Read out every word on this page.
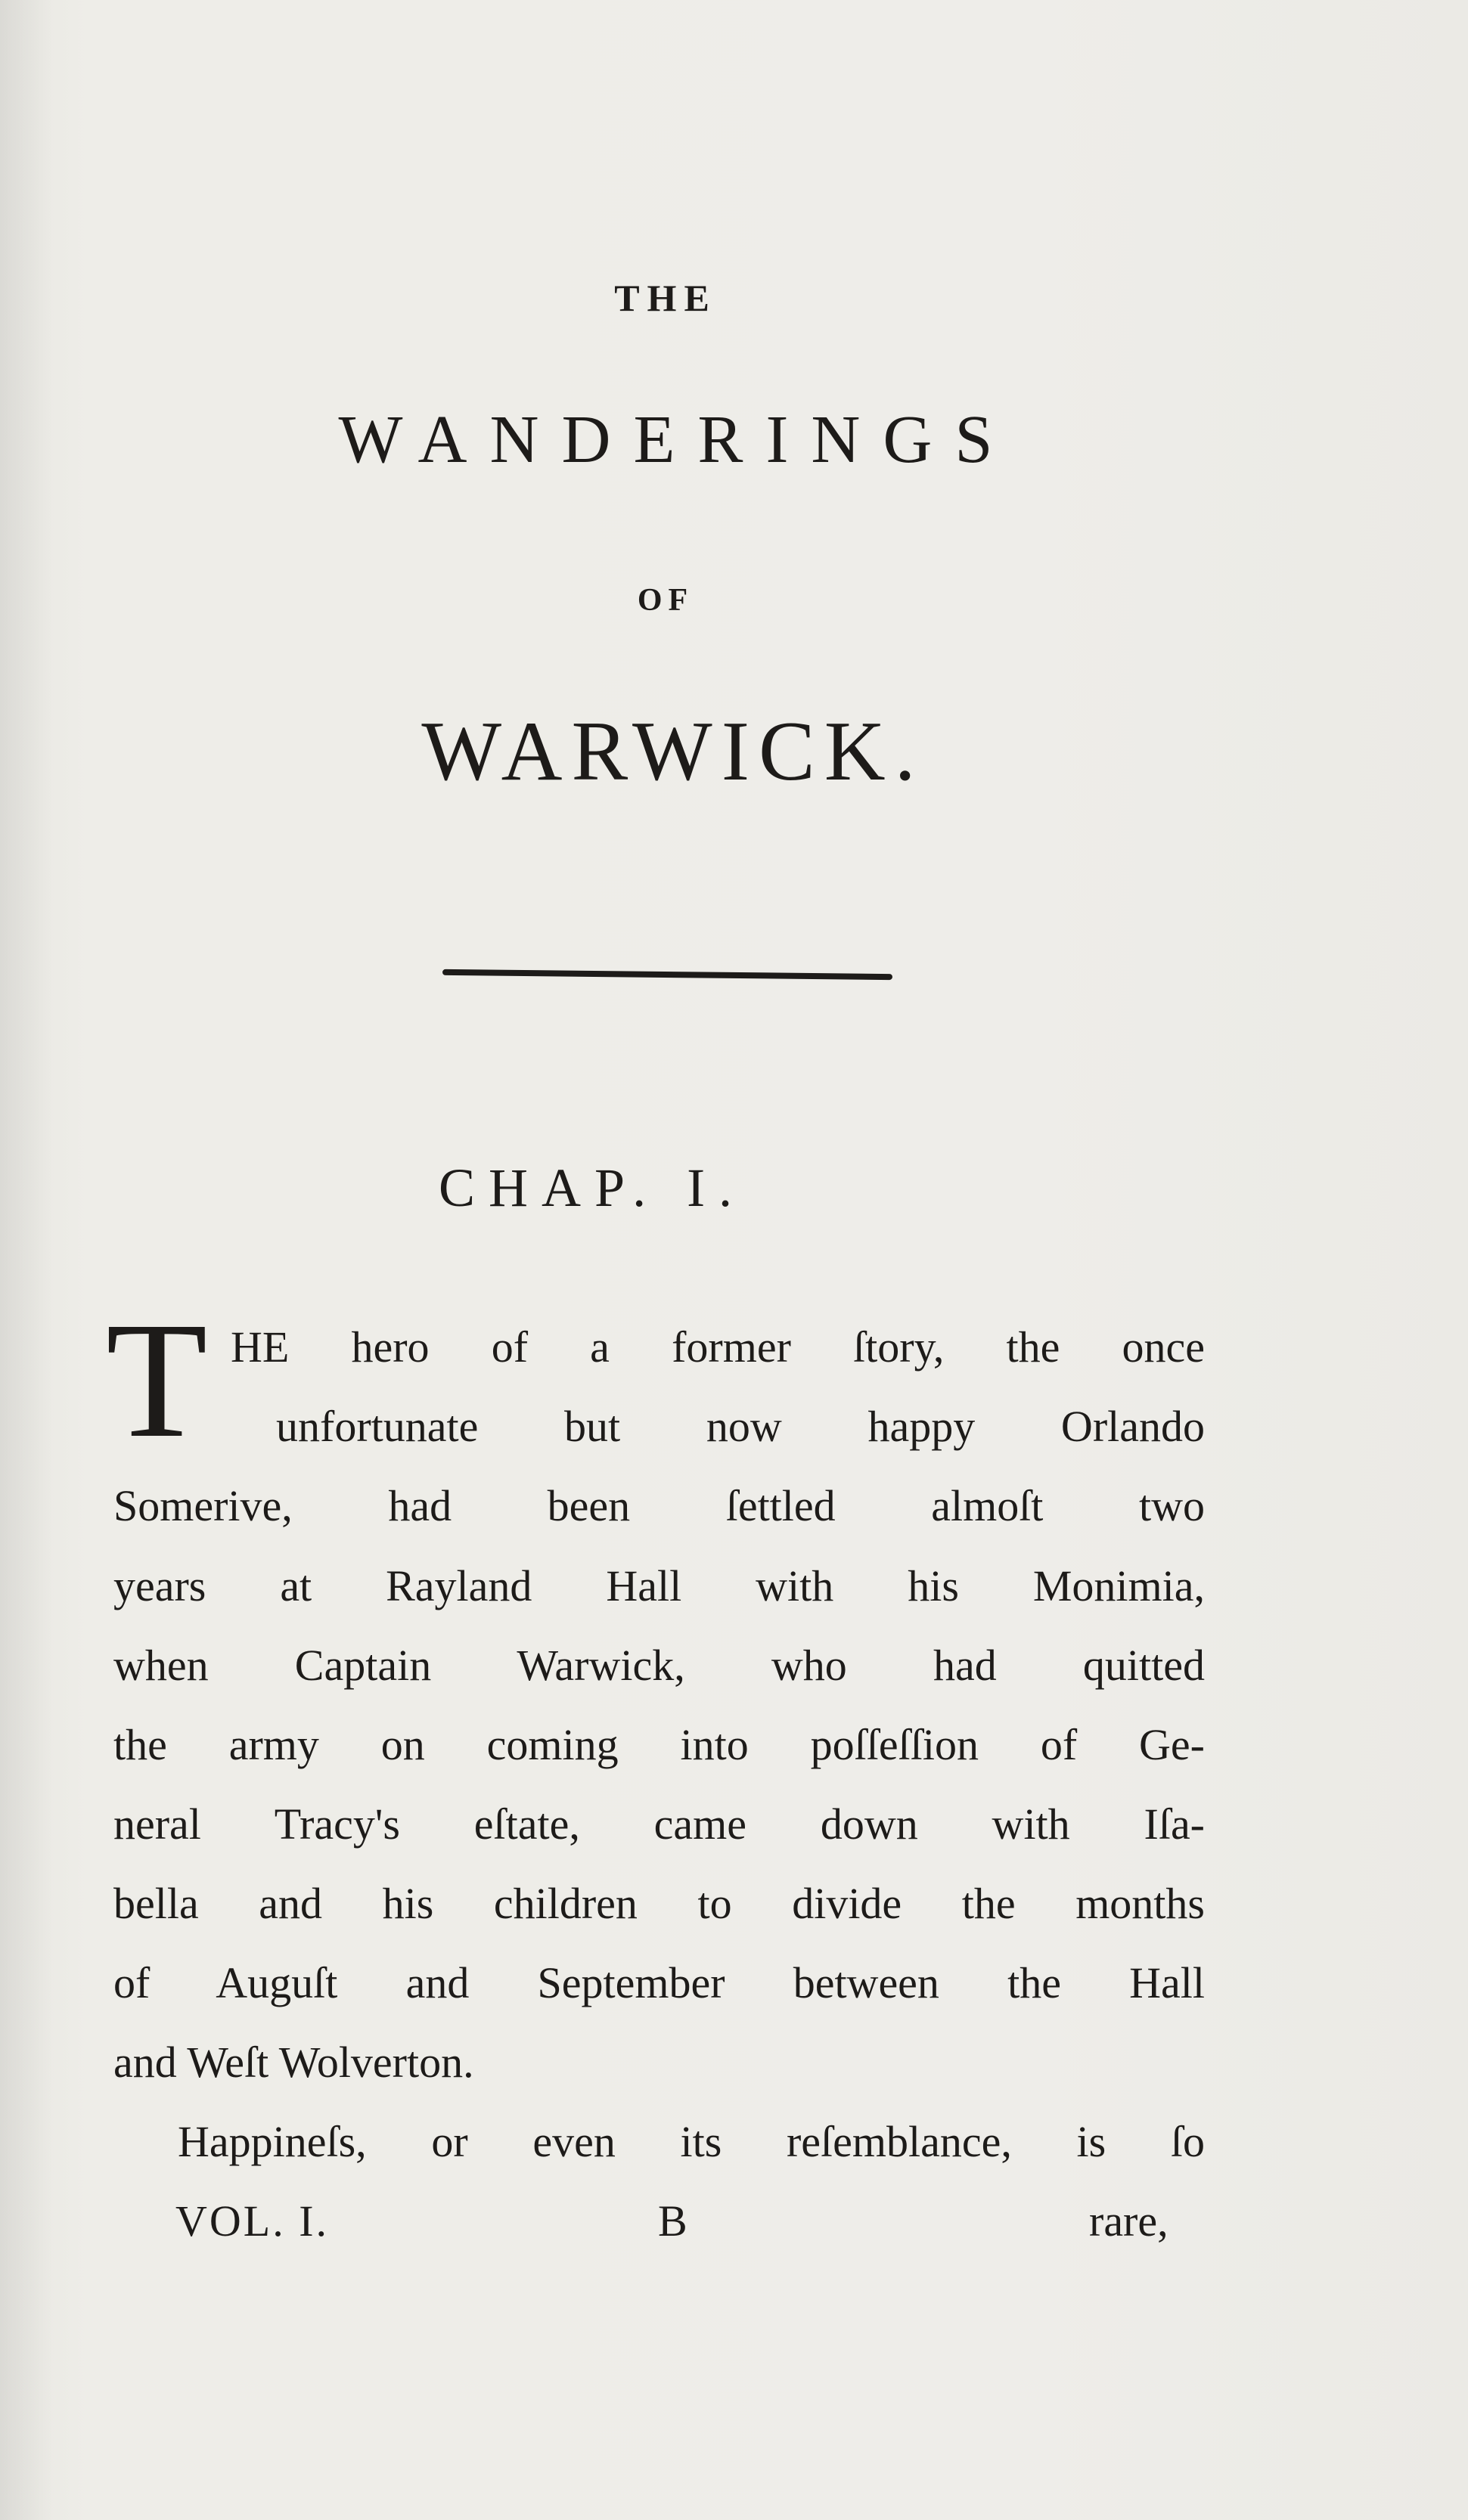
THE
WANDERINGS
OF
WARWICK.
CHAP. I.
T HE hero of a former ſtory, the once
unfortunate but now happy Orlando
Somerive, had been ſettled almoſt two
years at Rayland Hall with his Monimia,
when Captain Warwick, who had quitted
the army on coming into poſſeſſion of Ge-
neral Tracy's eſtate, came down with Iſa-
bella and his children to divide the months
of Auguſt and September between the Hall
and Weſt Wolverton.
Happineſs, or even its reſemblance, is ſo
VOL. I.	B	rare,
